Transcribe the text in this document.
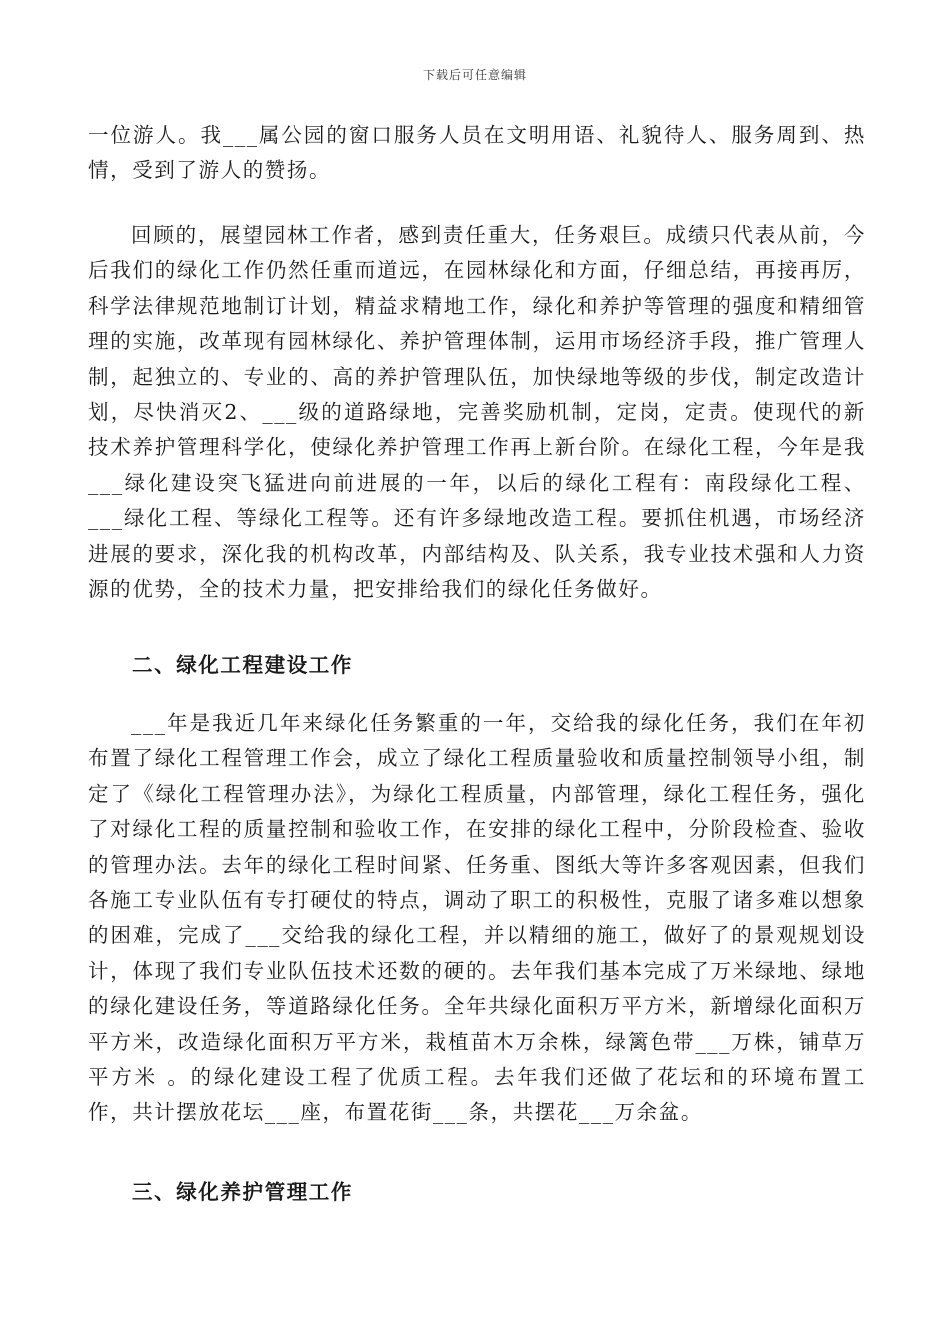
下载后可任意编辑

一位游人。我___属公园的窗口服务人员在文明用语、礼貌待人、服务周到、热情，受到了游人的赞扬。

回顾的，展望园林工作者，感到责任重大，任务艰巨。成绩只代表从前，今后我们的绿化工作仍然任重而道远，在园林绿化和方面，仔细总结，再接再厉，科学法律规范地制订计划，精益求精地工作，绿化和养护等管理的强度和精细管理的实施，改革现有园林绿化、养护管理体制，运用市场经济手段，推广管理人制，起独立的、专业的、高的养护管理队伍，加快绿地等级的步伐，制定改造计划，尽快消灭2、___级的道路绿地，完善奖励机制，定岗，定责。使现代的新技术养护管理科学化，使绿化养护管理工作再上新台阶。在绿化工程，今年是我___绿化建设突飞猛进向前进展的一年，以后的绿化工程有：南段绿化工程、___绿化工程、等绿化工程等。还有许多绿地改造工程。要抓住机遇，市场经济进展的要求，深化我的机构改革，内部结构及、队关系，我专业技术强和人力资源的优势，全的技术力量，把安排给我们的绿化任务做好。

二、绿化工程建设工作

___年是我近几年来绿化任务繁重的一年，交给我的绿化任务，我们在年初布置了绿化工程管理工作会，成立了绿化工程质量验收和质量控制领导小组，制定了《绿化工程管理办法》，为绿化工程质量，内部管理，绿化工程任务，强化了对绿化工程的质量控制和验收工作，在安排的绿化工程中，分阶段检查、验收的管理办法。去年的绿化工程时间紧、任务重、图纸大等许多客观因素，但我们各施工专业队伍有专打硬仗的特点，调动了职工的积极性，克服了诸多难以想象的困难，完成了___交给我的绿化工程，并以精细的施工，做好了的景观规划设计，体现了我们专业队伍技术还数的硬的。去年我们基本完成了万米绿地、绿地的绿化建设任务，等道路绿化任务。全年共绿化面积万平方米，新增绿化面积万平方米，改造绿化面积万平方米，栽植苗木万余株，绿篱色带___万株，铺草万平方米 。的绿化建设工程了优质工程。去年我们还做了花坛和的环境布置工作，共计摆放花坛___座，布置花街___条，共摆花___万余盆。

三、绿化养护管理工作
